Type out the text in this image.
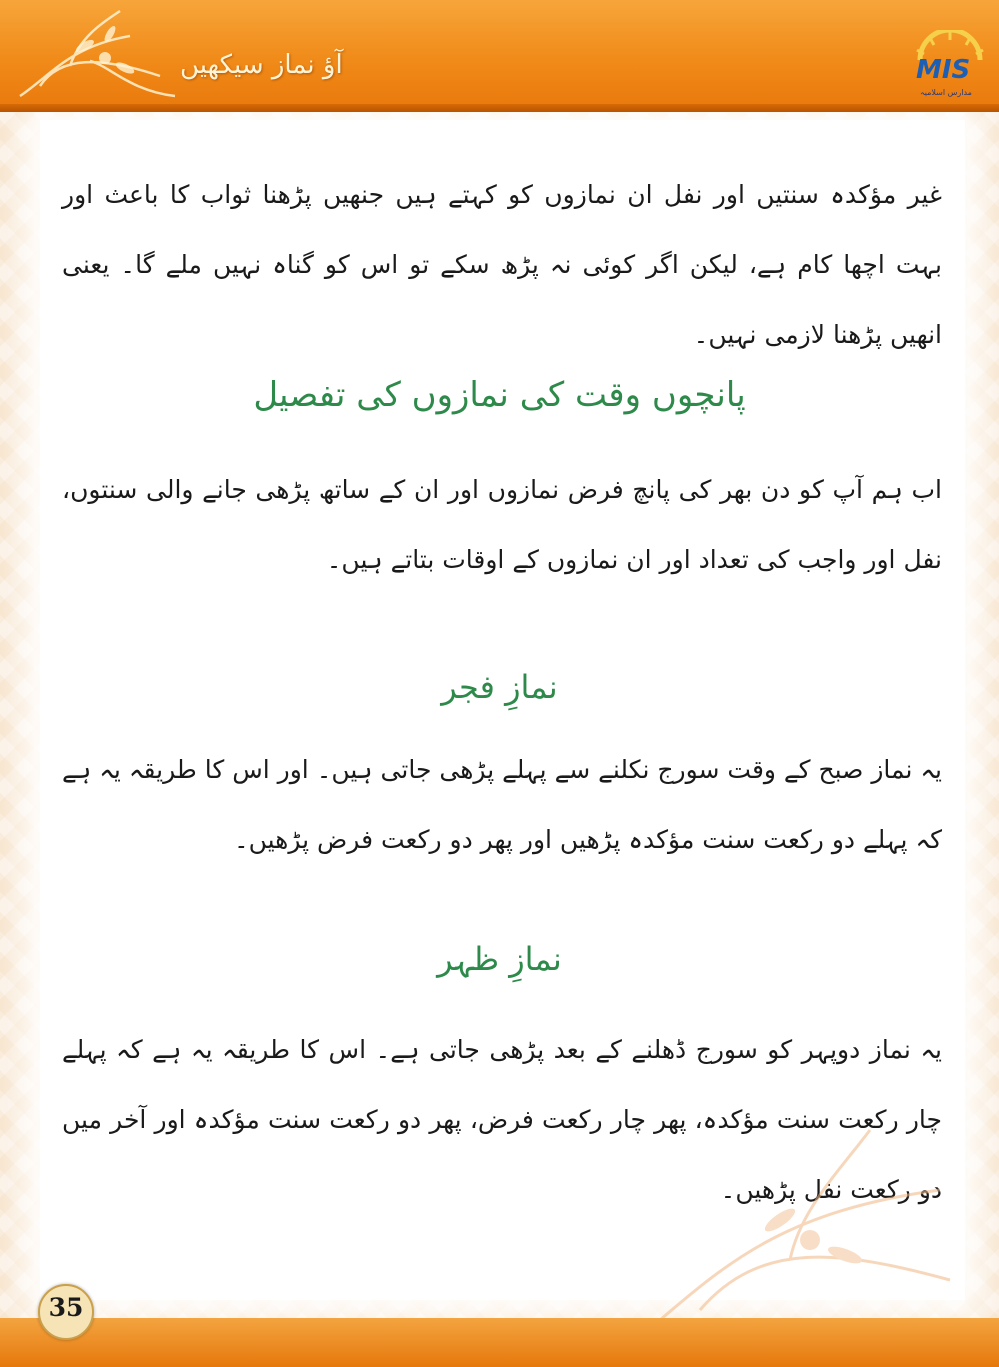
آؤ نماز سیکھیں	MIS
مدارس اسلامیہ
غیر مؤکدہ سنتیں اور نفل ان نمازوں کو کہتے ہیں جنھیں پڑھنا ثواب کا باعث اور بہت اچھا کام ہے، لیکن اگر کوئی نہ پڑھ سکے تو اس کو گناہ نہیں ملے گا۔ یعنی انھیں پڑھنا لازمی نہیں۔
پانچوں وقت کی نمازوں کی تفصیل
اب ہم آپ کو دن بھر کی پانچ فرض نمازوں اور ان کے ساتھ پڑھی جانے والی سنتوں، نفل اور واجب کی تعداد اور ان نمازوں کے اوقات بتاتے ہیں۔
نمازِ فجر
یہ نماز صبح کے وقت سورج نکلنے سے پہلے پڑھی جاتی ہیں۔ اور اس کا طریقہ یہ ہے کہ پہلے دو رکعت سنت مؤکدہ پڑھیں اور پھر دو رکعت فرض پڑھیں۔
نمازِ ظہر
یہ نماز دوپہر کو سورج ڈھلنے کے بعد پڑھی جاتی ہے۔ اس کا طریقہ یہ ہے کہ پہلے چار رکعت سنت مؤکدہ، پھر چار رکعت فرض، پھر دو رکعت سنت مؤکدہ اور آخر میں دو رکعت نفل پڑھیں۔
35
